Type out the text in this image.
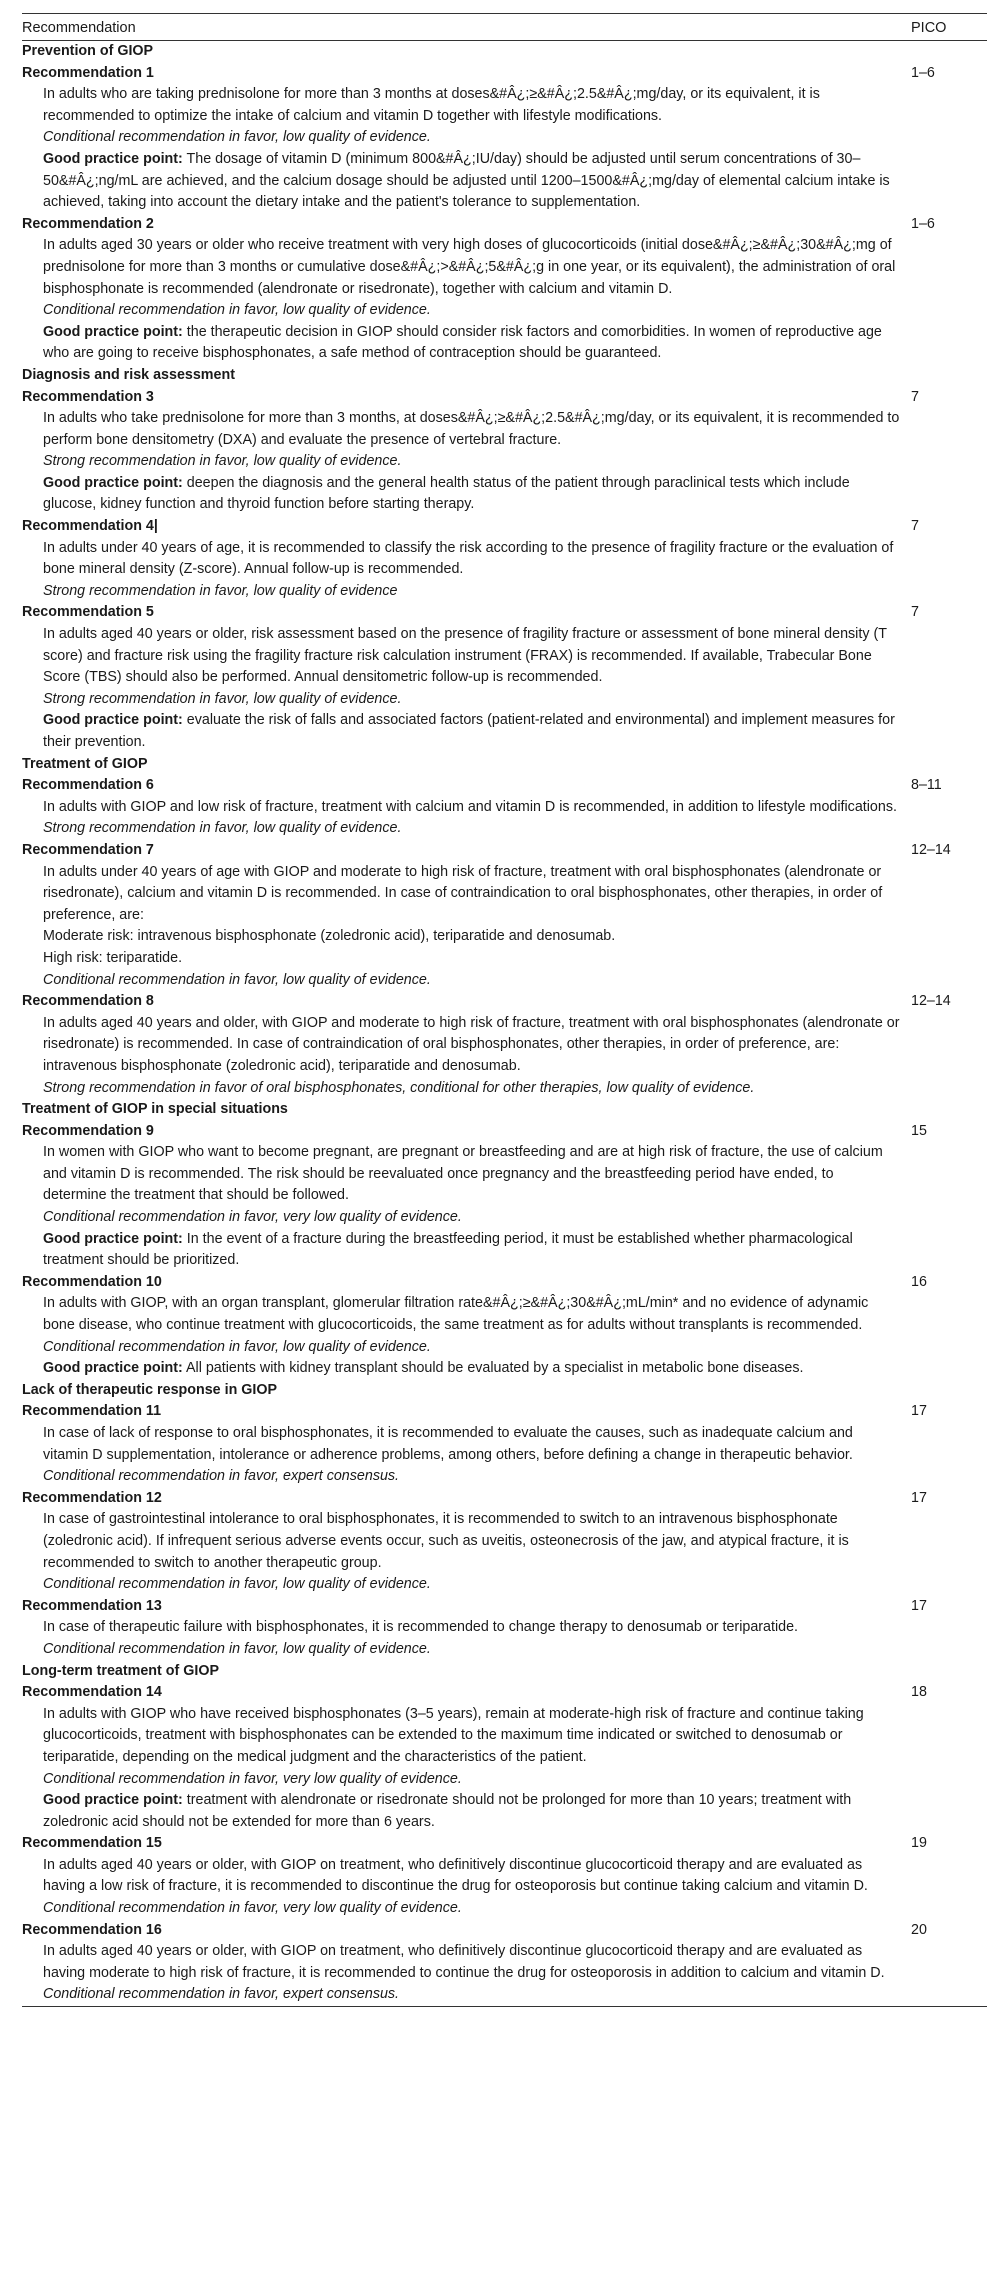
Recommendation	PICO
Prevention of GIOP
Recommendation 1	1–6
In adults who are taking prednisolone for more than 3 months at doses&#Â¿;≥&#Â¿;2.5&#Â¿;mg/day, or its equivalent, it is recommended to optimize the intake of calcium and vitamin D together with lifestyle modifications.
Conditional recommendation in favor, low quality of evidence.
Good practice point: The dosage of vitamin D (minimum 800&#Â¿;IU/day) should be adjusted until serum concentrations of 30–50&#Â¿;ng/mL are achieved, and the calcium dosage should be adjusted until 1200–1500&#Â¿;mg/day of elemental calcium intake is achieved, taking into account the dietary intake and the patient's tolerance to supplementation.
Recommendation 2	1–6
In adults aged 30 years or older who receive treatment with very high doses of glucocorticoids (initial dose&#Â¿;≥&#Â¿;30&#Â¿;mg of prednisolone for more than 3 months or cumulative dose&#Â¿;>&#Â¿;5&#Â¿;g in one year, or its equivalent), the administration of oral bisphosphonate is recommended (alendronate or risedronate), together with calcium and vitamin D.
Conditional recommendation in favor, low quality of evidence.
Good practice point: the therapeutic decision in GIOP should consider risk factors and comorbidities. In women of reproductive age who are going to receive bisphosphonates, a safe method of contraception should be guaranteed.
Diagnosis and risk assessment
Recommendation 3	7
In adults who take prednisolone for more than 3 months, at doses&#Â¿;≥&#Â¿;2.5&#Â¿;mg/day, or its equivalent, it is recommended to perform bone densitometry (DXA) and evaluate the presence of vertebral fracture.
Strong recommendation in favor, low quality of evidence.
Good practice point: deepen the diagnosis and the general health status of the patient through paraclinical tests which include glucose, kidney function and thyroid function before starting therapy.
Recommendation 4|	7
In adults under 40 years of age, it is recommended to classify the risk according to the presence of fragility fracture or the evaluation of bone mineral density (Z-score). Annual follow-up is recommended.
Strong recommendation in favor, low quality of evidence
Recommendation 5	7
In adults aged 40 years or older, risk assessment based on the presence of fragility fracture or assessment of bone mineral density (T score) and fracture risk using the fragility fracture risk calculation instrument (FRAX) is recommended. If available, Trabecular Bone Score (TBS) should also be performed. Annual densitometric follow-up is recommended.
Strong recommendation in favor, low quality of evidence.
Good practice point: evaluate the risk of falls and associated factors (patient-related and environmental) and implement measures for their prevention.
Treatment of GIOP
Recommendation 6	8–11
In adults with GIOP and low risk of fracture, treatment with calcium and vitamin D is recommended, in addition to lifestyle modifications.
Strong recommendation in favor, low quality of evidence.
Recommendation 7	12–14
In adults under 40 years of age with GIOP and moderate to high risk of fracture, treatment with oral bisphosphonates (alendronate or risedronate), calcium and vitamin D is recommended. In case of contraindication to oral bisphosphonates, other therapies, in order of preference, are:
Moderate risk: intravenous bisphosphonate (zoledronic acid), teriparatide and denosumab.
High risk: teriparatide.
Conditional recommendation in favor, low quality of evidence.
Recommendation 8	12–14
In adults aged 40 years and older, with GIOP and moderate to high risk of fracture, treatment with oral bisphosphonates (alendronate or risedronate) is recommended. In case of contraindication of oral bisphosphonates, other therapies, in order of preference, are: intravenous bisphosphonate (zoledronic acid), teriparatide and denosumab.
Strong recommendation in favor of oral bisphosphonates, conditional for other therapies, low quality of evidence.
Treatment of GIOP in special situations
Recommendation 9	15
In women with GIOP who want to become pregnant, are pregnant or breastfeeding and are at high risk of fracture, the use of calcium and vitamin D is recommended. The risk should be reevaluated once pregnancy and the breastfeeding period have ended, to determine the treatment that should be followed.
Conditional recommendation in favor, very low quality of evidence.
Good practice point: In the event of a fracture during the breastfeeding period, it must be established whether pharmacological treatment should be prioritized.
Recommendation 10	16
In adults with GIOP, with an organ transplant, glomerular filtration rate&#Â¿;≥&#Â¿;30&#Â¿;mL/min* and no evidence of adynamic bone disease, who continue treatment with glucocorticoids, the same treatment as for adults without transplants is recommended.
Conditional recommendation in favor, low quality of evidence.
Good practice point: All patients with kidney transplant should be evaluated by a specialist in metabolic bone diseases.
Lack of therapeutic response in GIOP
Recommendation 11	17
In case of lack of response to oral bisphosphonates, it is recommended to evaluate the causes, such as inadequate calcium and vitamin D supplementation, intolerance or adherence problems, among others, before defining a change in therapeutic behavior.
Conditional recommendation in favor, expert consensus.
Recommendation 12	17
In case of gastrointestinal intolerance to oral bisphosphonates, it is recommended to switch to an intravenous bisphosphonate (zoledronic acid). If infrequent serious adverse events occur, such as uveitis, osteonecrosis of the jaw, and atypical fracture, it is recommended to switch to another therapeutic group.
Conditional recommendation in favor, low quality of evidence.
Recommendation 13	17
In case of therapeutic failure with bisphosphonates, it is recommended to change therapy to denosumab or teriparatide.
Conditional recommendation in favor, low quality of evidence.
Long-term treatment of GIOP
Recommendation 14	18
In adults with GIOP who have received bisphosphonates (3–5 years), remain at moderate-high risk of fracture and continue taking glucocorticoids, treatment with bisphosphonates can be extended to the maximum time indicated or switched to denosumab or teriparatide, depending on the medical judgment and the characteristics of the patient.
Conditional recommendation in favor, very low quality of evidence.
Good practice point: treatment with alendronate or risedronate should not be prolonged for more than 10 years; treatment with zoledronic acid should not be extended for more than 6 years.
Recommendation 15	19
In adults aged 40 years or older, with GIOP on treatment, who definitively discontinue glucocorticoid therapy and are evaluated as having a low risk of fracture, it is recommended to discontinue the drug for osteoporosis but continue taking calcium and vitamin D.
Conditional recommendation in favor, very low quality of evidence.
Recommendation 16	20
In adults aged 40 years or older, with GIOP on treatment, who definitively discontinue glucocorticoid therapy and are evaluated as having moderate to high risk of fracture, it is recommended to continue the drug for osteoporosis in addition to calcium and vitamin D.
Conditional recommendation in favor, expert consensus.
